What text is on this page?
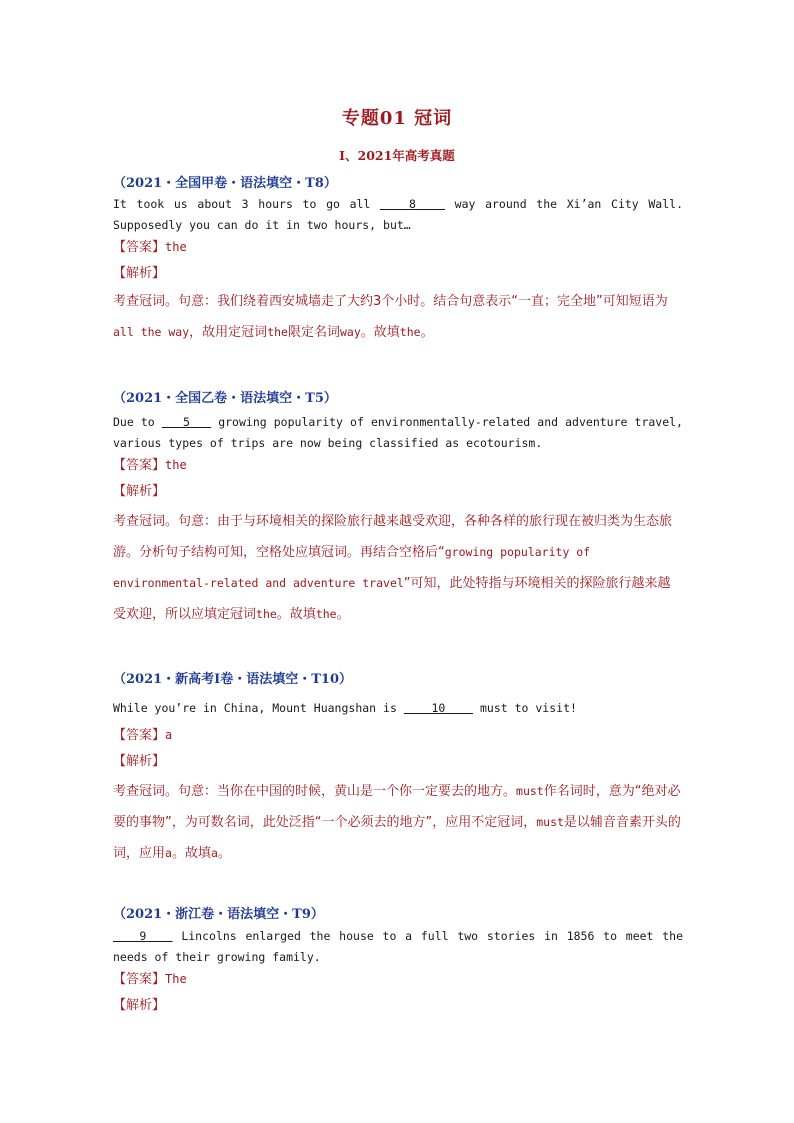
专题01 冠词
I、2021年高考真题
（2021・全国甲卷・语法填空・T8）
It took us about 3 hours to go all	8	way around the Xi’an City Wall. Supposedly you can do it in two hours, but…
【答案】the
【解析】
考查冠词。句意：我们绕着西安城墙走了大约3个小时。结合句意表示“一直；完全地”可知短语为 all the way，故用定冠词the限定名词way。故填the。
（2021・全国乙卷・语法填空・T5）
Due to    5    growing popularity of environmentally-related and adventure travel, various types of trips are now being classified as ecotourism.
【答案】the
【解析】
考查冠词。句意：由于与环境相关的探险旅行越来越受欢迎，各种各样的旅行现在被归类为生态旅游。分析句子结构可知，空格处应填冠词。再结合空格后“growing popularity of environmental-related and adventure travel”可知，此处特指与环境相关的探险旅行越来越受欢迎，所以应填定冠词the。故填the。
（2021・新高考I卷・语法填空・T10）
While you’re in China, Mount Huangshan is     10     must to visit!
【答案】a
【解析】
考查冠词。句意：当你在中国的时候，黄山是一个你一定要去的地方。must作名词时，意为“绝对必要的事物”，为可数名词，此处泛指“一个必须去的地方”，应用不定冠词，must是以辅音音素开头的词，应用a。故填a。
（2021・浙江卷・语法填空・T9）
9    Lincolns enlarged the house to a full two stories in 1856 to meet the needs of their growing family.
【答案】The
【解析】
